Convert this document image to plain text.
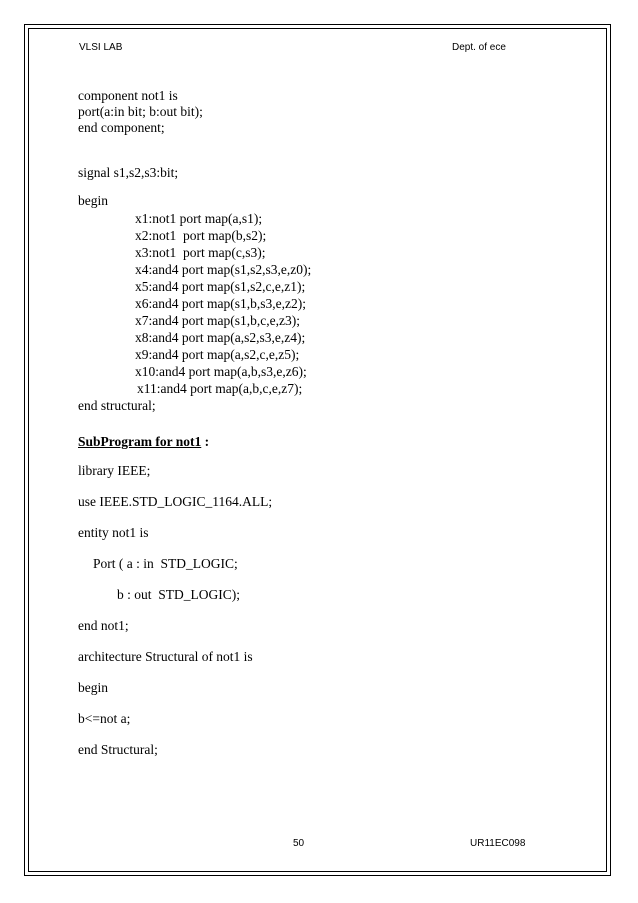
VLSI LAB	Dept. of ece
component not1 is
port(a:in bit; b:out bit);
end component;
signal s1,s2,s3:bit;
begin
x1:not1 port map(a,s1);
x2:not1  port map(b,s2);
x3:not1  port map(c,s3);
x4:and4 port map(s1,s2,s3,e,z0);
x5:and4 port map(s1,s2,c,e,z1);
x6:and4 port map(s1,b,s3,e,z2);
x7:and4 port map(s1,b,c,e,z3);
x8:and4 port map(a,s2,s3,e,z4);
x9:and4 port map(a,s2,c,e,z5);
x10:and4 port map(a,b,s3,e,z6);
x11:and4 port map(a,b,c,e,z7);
end structural;
SubProgram for not1 :
library IEEE;
use IEEE.STD_LOGIC_1164.ALL;
entity not1 is
Port ( a : in  STD_LOGIC;
b : out  STD_LOGIC);
end not1;
architecture Structural of not1 is
begin
b<=not a;
end Structural;
50	UR11EC098
